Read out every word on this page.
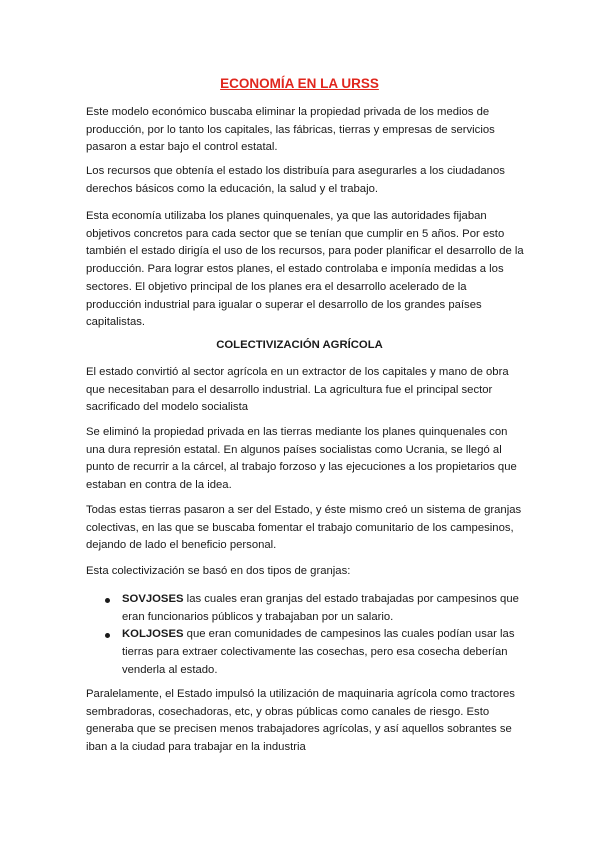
ECONOMÍA EN LA URSS

Este modelo económico buscaba eliminar la propiedad privada de los medios de
producción, por lo tanto los capitales, las fábricas, tierras y empresas de servicios
pasaron a estar bajo el control estatal.

Los recursos que obtenía el estado los distribuía para asegurarles a los ciudadanos
derechos básicos como la educación, la salud y el trabajo.

Esta economía utilizaba los planes quinquenales, ya que las autoridades fijaban
objetivos concretos para cada sector que se tenían que cumplir en 5 años. Por esto
también el estado dirigía el uso de los recursos, para poder planificar el desarrollo de la
producción. Para lograr estos planes, el estado controlaba e imponía medidas a los
sectores. El objetivo principal de los planes era el desarrollo acelerado de la
producción industrial para igualar o superar el desarrollo de los grandes países
capitalistas.

COLECTIVIZACIÓN AGRÍCOLA

El estado convirtió al sector agrícola en un extractor de los capitales y mano de obra
que necesitaban para el desarrollo industrial. La agricultura fue el principal sector
sacrificado del modelo socialista

Se eliminó la propiedad privada en las tierras mediante los planes quinquenales con
una dura represión estatal. En algunos países socialistas como Ucrania, se llegó al
punto de recurrir a la cárcel, al trabajo forzoso y las ejecuciones a los propietarios que
estaban en contra de la idea.

Todas estas tierras pasaron a ser del Estado, y éste mismo creó un sistema de granjas
colectivas, en las que se buscaba fomentar el trabajo comunitario de los campesinos,
dejando de lado el beneficio personal.

Esta colectivización se basó en dos tipos de granjas:

SOVJOSES las cuales eran granjas del estado trabajadas por campesinos que
eran funcionarios públicos y trabajaban por un salario.
KOLJOSES que eran comunidades de campesinos las cuales podían usar las
tierras para extraer colectivamente las cosechas, pero esa cosecha deberían
venderla al estado.

Paralelamente, el Estado impulsó la utilización de maquinaria agrícola como tractores
sembradoras, cosechadoras, etc, y obras públicas como canales de riesgo. Esto
generaba que se precisen menos trabajadores agrícolas, y así aquellos sobrantes se
iban a la ciudad para trabajar en la industria
